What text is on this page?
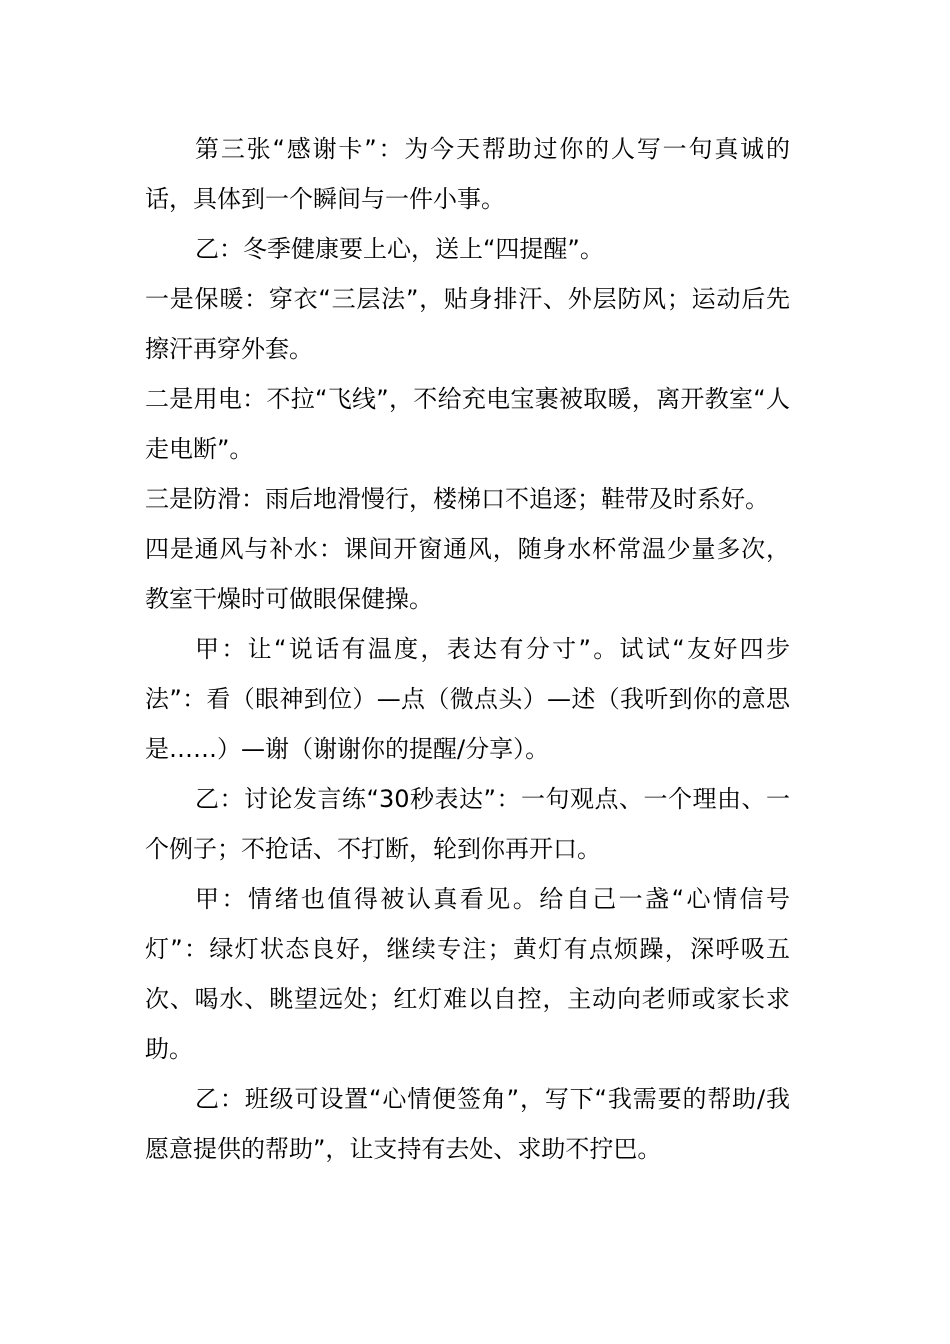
第三张“感谢卡”：为今天帮助过你的人写一句真诚的话，具体到一个瞬间与一件小事。

乙：冬季健康要上心，送上“四提醒”。

一是保暖：穿衣“三层法”，贴身排汗、外层防风；运动后先擦汗再穿外套。

二是用电：不拉“飞线”，不给充电宝裹被取暖，离开教室“人走电断”。

三是防滑：雨后地滑慢行，楼梯口不追逐；鞋带及时系好。

四是通风与补水：课间开窗通风，随身水杯常温少量多次，教室干燥时可做眼保健操。

甲：让“说话有温度，表达有分寸”。试试“友好四步法”：看（眼神到位）—点（微点头）—述（我听到你的意思是……）—谢（谢谢你的提醒/分享）。

乙：讨论发言练“30秒表达”：一句观点、一个理由、一个例子；不抢话、不打断，轮到你再开口。

甲：情绪也值得被认真看见。给自己一盏“心情信号灯”：绿灯状态良好，继续专注；黄灯有点烦躁，深呼吸五次、喝水、眺望远处；红灯难以自控，主动向老师或家长求助。

乙：班级可设置“心情便签角”，写下“我需要的帮助/我愿意提供的帮助”，让支持有去处、求助不拧巴。
